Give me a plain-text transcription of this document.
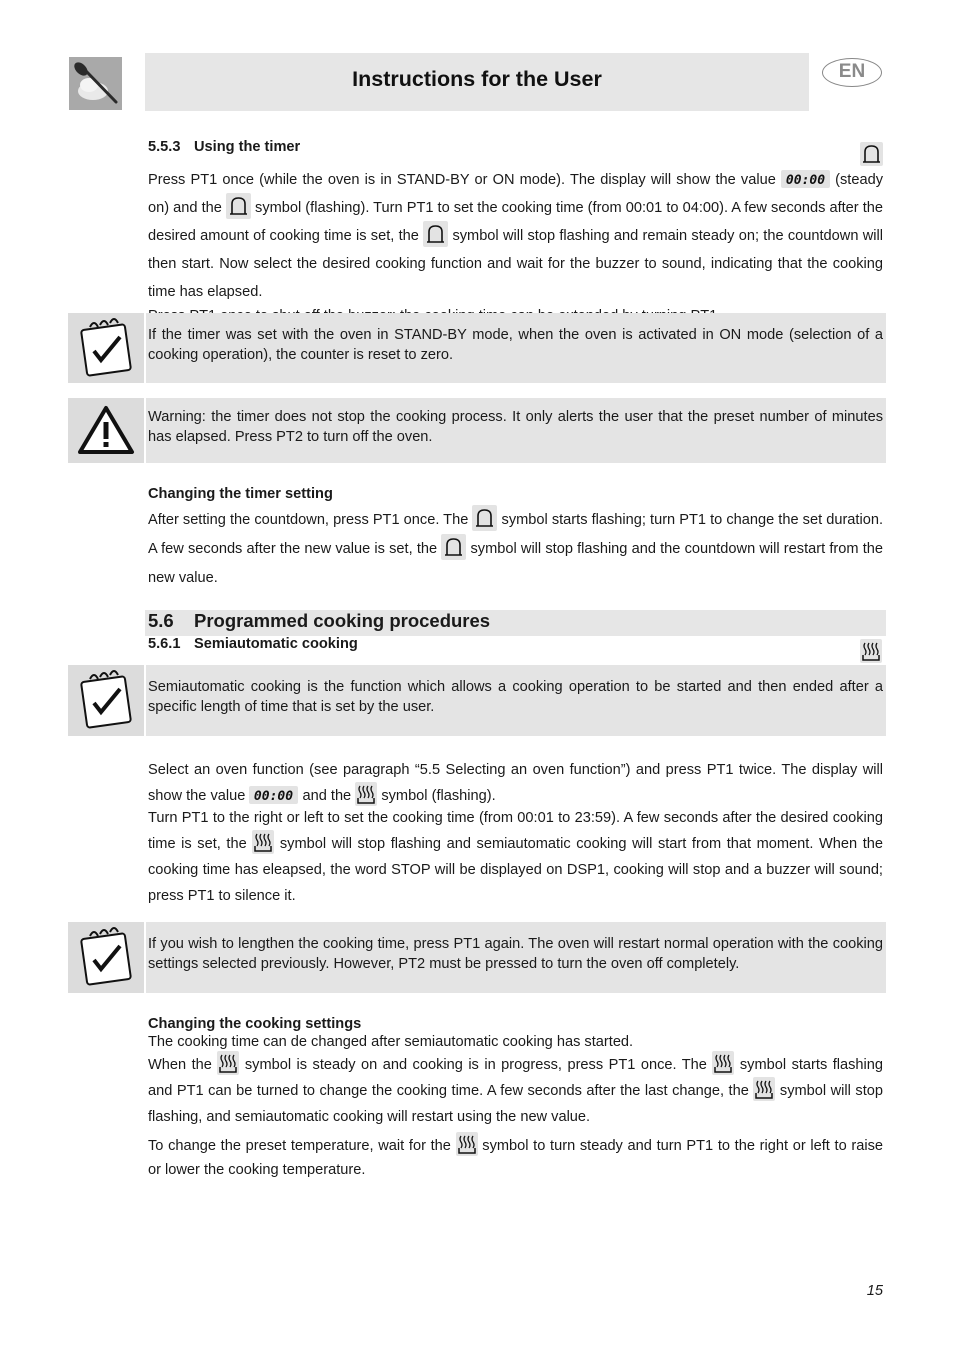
Instructions for the User	EN
5.5.3 Using the timer

Press PT1 once (while the oven is in STAND-BY or ON mode). The display will show the value 00:00 (steady on) and the symbol (flashing). Turn PT1 to set the cooking time (from 00:01 to 04:00). A few seconds after the desired amount of cooking time is set, the symbol will stop flashing and remain steady on; the countdown will then start. Now select the desired cooking function and wait for the buzzer to sound, indicating that the cooking time has elapsed.

If the timer was set with the oven in STAND-BY mode, when the oven is activated in ON mode (selection of a cooking operation), the counter is reset to zero.
Warning: the timer does not stop the cooking process. It only alerts the user that the preset number of minutes has elapsed. Press PT2 to turn off the oven.
Changing the timer setting

After setting the countdown, press PT1 once. The symbol starts flashing; turn PT1 to change the set duration. A few seconds after the new value is set, the symbol will stop flashing and the countdown will restart from the new value.

5.6 Programmed cooking procedures
5.6.1 Semiautomatic cooking
Semiautomatic cooking is the function which allows a cooking operation to be started and then ended after a specific length of time that is set by the user.

Select an oven function (see paragraph “5.5 Selecting an oven function”) and press PT1 twice. The display will show the value 00:00 and the symbol (flashing).

Turn PT1 to the right or left to set the cooking time (from 00:01 to 23:59). A few seconds after the desired cooking time is set, the symbol will stop flashing and semiautomatic cooking will start from that moment. When the cooking time has eleapsed, the word STOP will be displayed on DSP1, cooking will stop and a buzzer will sound; press PT1 to silence it.

If you wish to lengthen the cooking time, press PT1 again. The oven will restart normal operation with the cooking settings selected previously. However, PT2 must be pressed to turn the oven off completely.
Changing the cooking settings

The cooking time can de changed after semiautomatic cooking has started.

When the symbol is steady on and cooking is in progress, press PT1 once. The symbol starts flashing and PT1 can be turned to change the cooking time. A few seconds after the last change, the symbol will stop flashing, and semiautomatic cooking will restart using the new value.

To change the preset temperature, wait for the symbol to turn steady and turn PT1 to the right or left to raise or lower the cooking temperature.

15
